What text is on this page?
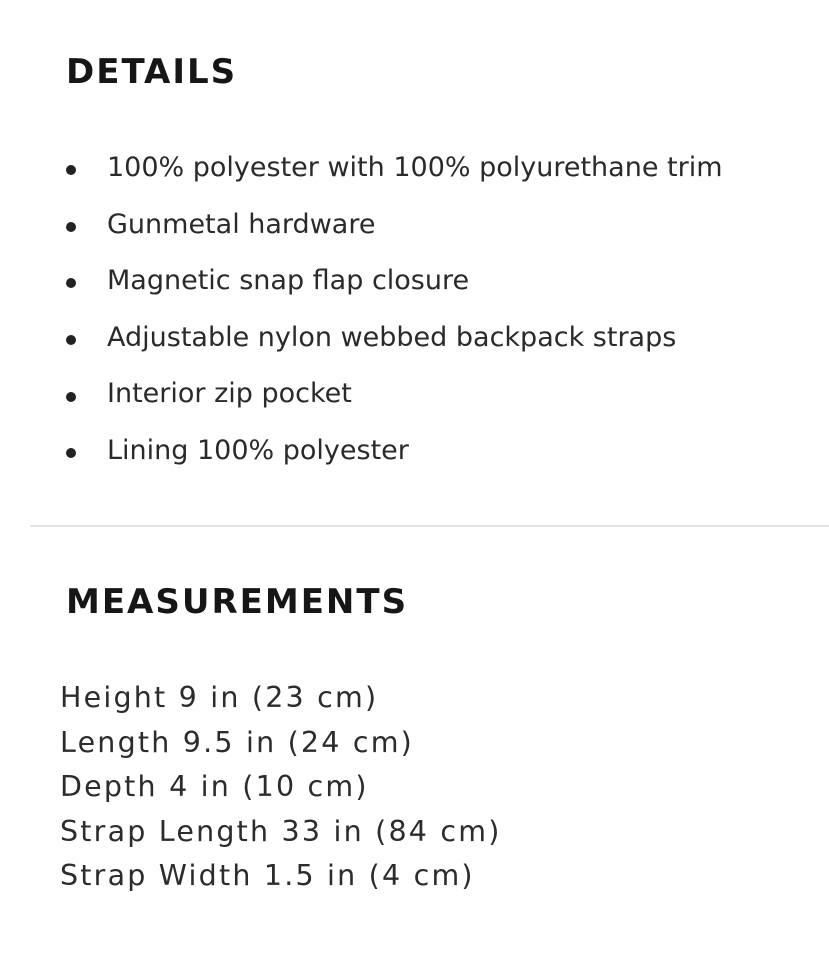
DETAILS
100% polyester with 100% polyurethane trim
Gunmetal hardware
Magnetic snap flap closure
Adjustable nylon webbed backpack straps
Interior zip pocket
Lining 100% polyester
MEASUREMENTS
Height 9 in (23 cm)
Length 9.5 in (24 cm)
Depth 4 in (10 cm)
Strap Length 33 in (84 cm)
Strap Width 1.5 in (4 cm)
